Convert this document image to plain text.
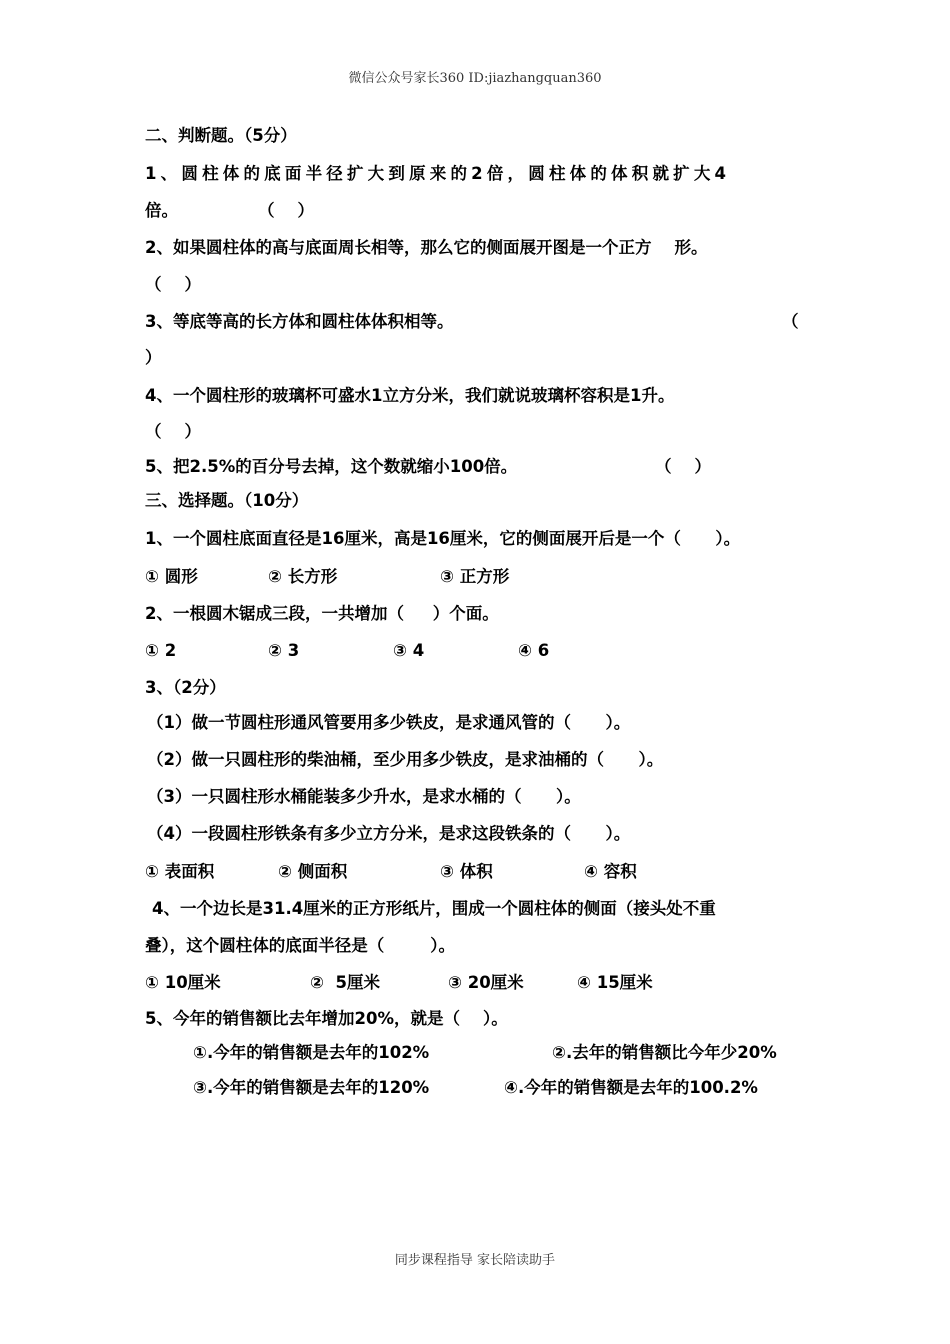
微信公众号家长360 ID:jiazhangquan360
二、判断题。（5分）
1、圆柱体的底面半径扩大到原来的2倍，圆柱体的体积就扩大4
倍。	（    ）
2、如果圆柱体的高与底面周长相等，那么它的侧面展开图是一个正方    形。
（    ）
3、等底等高的长方体和圆柱体体积相等。	（
）
4、一个圆柱形的玻璃杯可盛水1立方分米，我们就说玻璃杯容积是1升。
（    ）
5、把2.5%的百分号去掉，这个数就缩小100倍。	（    ）
三、选择题。（10分）
1、一个圆柱底面直径是16厘米，高是16厘米，它的侧面展开后是一个（      ）。
① 圆形	② 长方形	③ 正方形
2、一根圆木锯成三段，一共增加（     ）个面。
① 2	② 3	③ 4	④ 6
3、（2分）
（1）做一节圆柱形通风管要用多少铁皮，是求通风管的（      ）。
（2）做一只圆柱形的柴油桶，至少用多少铁皮，是求油桶的（      ）。
（3）一只圆柱形水桶能装多少升水，是求水桶的（      ）。
（4）一段圆柱形铁条有多少立方分米，是求这段铁条的（      ）。
① 表面积	② 侧面积	③ 体积	④ 容积
4、一个边长是31.4厘米的正方形纸片，围成一个圆柱体的侧面（接头处不重
叠），这个圆柱体的底面半径是（        ）。
① 10厘米	②  5厘米	③ 20厘米	④ 15厘米
5、今年的销售额比去年增加20%，就是（    ）。
①.今年的销售额是去年的102%	②.去年的销售额比今年少20%
③.今年的销售额是去年的120%	④.今年的销售额是去年的100.2%
同步课程指导 家长陪读助手
